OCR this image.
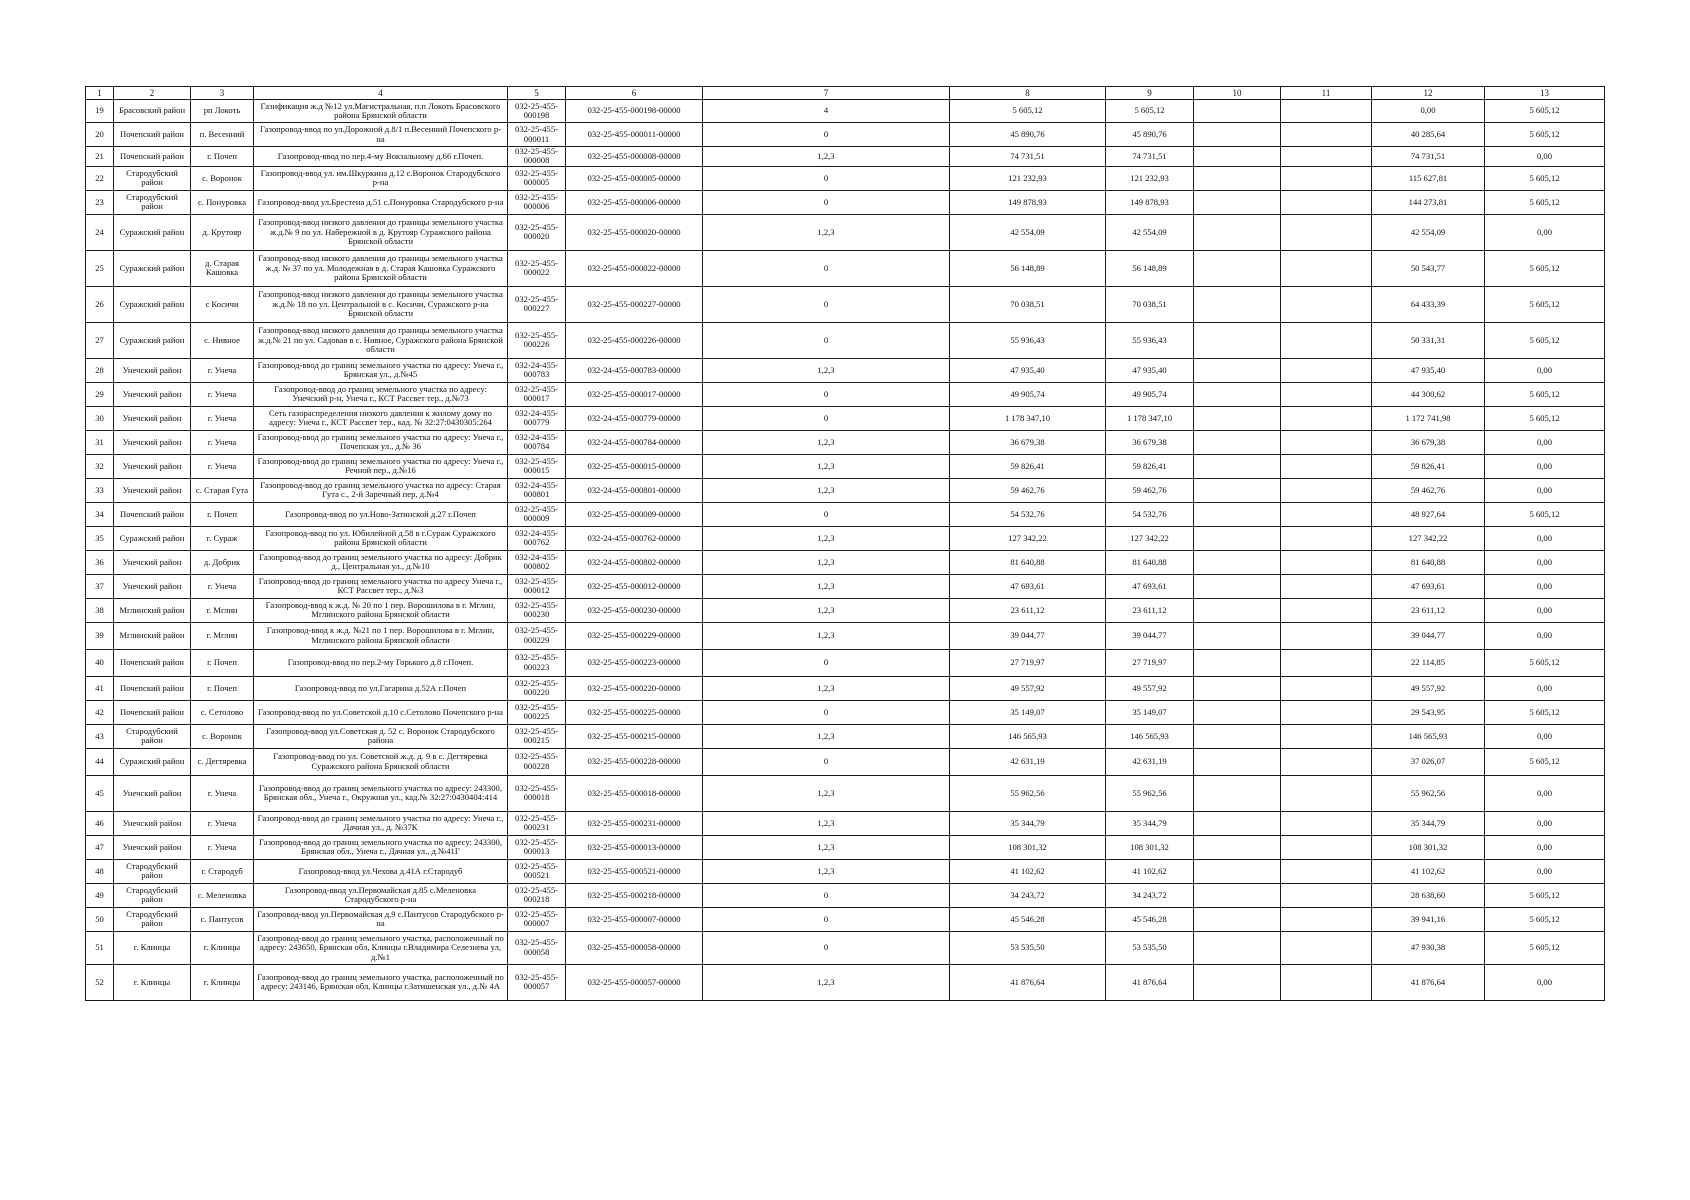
1	2	3	4	5	6	7	8	9	10	11	12	13
19	Брасовский район	рп Локоть	Газификация ж.д №12 ул.Магистральная, п.п Локоть Брасовского района Брянской области	032-25-455-000198	032-25-455-000198-00000	4	5 605,12	5 605,12			0,00	5 605,12
20	Почепский район	п. Весенний	Газопровод-ввод по ул.Дорожной д.8/1 п.Весенний Почепского р-на	032-25-455-000011	032-25-455-000011-00000	0	45 890,76	45 890,76			40 285,64	5 605,12
21	Почепский район	г. Почеп	Газопровод-ввод по пер.4-му Вокзальному д.66 г.Почеп.	032-25-455-000008	032-25-455-000008-00000	1,2,3	74 731,51	74 731,51			74 731,51	0,00
22	Стародубский район	с. Воронок	Газопровод-ввод ул. им.Шкуркина д.12 с.Воронок Стародубского р-на	032-25-455-000005	032-25-455-000005-00000	0	121 232,93	121 232,93			115 627,81	5 605,12
23	Стародубский район	с. Понуровка	Газопровод-ввод ул.Брестена д.51 с.Понуровка Стародубского р-на	032-25-455-000006	032-25-455-000006-00000	0	149 878,93	149 878,93			144 273,81	5 605,12
24	Суражский район	д. Крутояр	Газопровод-ввод низкого давления до границы земельного участка ж.д.№ 9 по ул. Набережной в д. Крутояр Суражского района Брянской области	032-25-455-000020	032-25-455-000020-00000	1,2,3	42 554,09	42 554,09			42 554,09	0,00
25	Суражский район	д. Старая Кашовка	Газопровод-ввод низкого давления до границы земельного участка ж.д. № 37 по ул. Молодежная в д. Старая Кашовка Суражского района Брянской области	032-25-455-000022	032-25-455-000022-00000	0	56 148,89	56 148,89			50 543,77	5 605,12
26	Суражский район	с Косичи	Газопровод-ввод низкого давления до границы земельного участка ж.д.№ 18 по ул. Центральной в с. Косичи, Суражского р-на Брянской области	032-25-455-000227	032-25-455-000227-00000	0	70 038,51	70 038,51			64 433,39	5 605,12
27	Суражский район	с. Нивное	Газопровод-ввод низкого давления до границы земельного участка ж.д.№ 21 по ул. Садовая в с. Нивное, Суражского района Брянской области	032-25-455-000226	032-25-455-000226-00000	0	55 936,43	55 936,43			50 331,31	5 605,12
28	Унечский район	г. Унеча	Газопровод-ввод до границ земельного участка по адресу: Унеча г., Брянская ул., д.№45	032-24-455-000783	032-24-455-000783-00000	1,2,3	47 935,40	47 935,40			47 935,40	0,00
29	Унечский район	г. Унеча	Газопровод-ввод до границ земельного участка по адресу: Унечский р-н, Унеча г., КСТ Рассвет тер., д.№73	032-25-455-000017	032-25-455-000017-00000	0	49 905,74	49 905,74			44 300,62	5 605,12
30	Унечский район	г. Унеча	Сеть газораспределения низкого давления к жилому дому по адресу: Унеча г., КСТ Рассвет тер., кад. № 32:27:0430305:264	032-24-455-000779	032-24-455-000779-00000	0	1 178 347,10	1 178 347,10			1 172 741,98	5 605,12
31	Унечский район	г. Унеча	Газопровод-ввод до границ земельного участка по адресу: Унеча г., Почепская ул., д.№ 36	032-24-455-000784	032-24-455-000784-00000	1,2,3	36 679,38	36 679,38			36 679,38	0,00
32	Унечский район	г. Унеча	Газопровод-ввод до границ земельного участка по адресу: Унеча г., Речной пер., д.№16	032-25-455-000015	032-25-455-000015-00000	1,2,3	59 826,41	59 826,41			59 826,41	0,00
33	Унечский район	с. Старая Гута	Газопровод-ввод до границ земельного участка по адресу: Старая Гута с., 2-й Заречный пер, д.№4	032-24-455-000801	032-24-455-000801-00000	1,2,3	59 462,76	59 462,76			59 462,76	0,00
34	Почепский район	г. Почеп	Газопровод-ввод по ул.Ново-Затинской д.27 г.Почеп	032-25-455-000009	032-25-455-000009-00000	0	54 532,76	54 532,76			48 927,64	5 605,12
35	Суражский район	г. Сураж	Газопровод-ввод по ул. Юбилейной д.58 в г.Сураж Суражского района Брянской области	032-24-455-000762	032-24-455-000762-00000	1,2,3	127 342,22	127 342,22			127 342,22	0,00
36	Унечский район	д. Добрик	Газопровод-ввод до границ земельного участка по адресу: Добрик д., Центральная ул., д.№10	032-24-455-000802	032-24-455-000802-00000	1,2,3	81 640,88	81 640,88			81 640,88	0,00
37	Унечский район	г. Унеча	Газопровод-ввод до границ земельного участка по адресу Унеча г., КСТ Рассвет тер., д.№3	032-25-455-000012	032-25-455-000012-00000	1,2,3	47 693,61	47 693,61			47 693,61	0,00
38	Мглинский район	г. Мглин	Газопровод-ввод к ж.д. № 20 по 1 пер. Ворошилова в г. Мглин, Мглинского района Брянской области	032-25-455-000230	032-25-455-000230-00000	1,2,3	23 611,12	23 611,12			23 611,12	0,00
39	Мглинский район	г. Мглин	Газопровод-ввод к ж.д. №21 по 1 пер. Ворошилова в г. Мглин, Мглинского района Брянской области	032-25-455-000229	032-25-455-000229-00000	1,2,3	39 044,77	39 044,77			39 044,77	0,00
40	Почепский район	г. Почеп	Газопровод-ввод по пер.2-му Горького д.8 г.Почеп.	032-25-455-000223	032-25-455-000223-00000	0	27 719,97	27 719,97			22 114,85	5 605,12
41	Почепский район	г. Почеп	Газопровод-ввод по ул.Гагарина д.52А г.Почеп	032-25-455-000220	032-25-455-000220-00000	1,2,3	49 557,92	49 557,92			49 557,92	0,00
42	Почепский район	с. Сетолово	Газопровод-ввод по ул.Советской д.10 с.Сетолово Почепского р-на	032-25-455-000225	032-25-455-000225-00000	0	35 149,07	35 149,07			29 543,95	5 605,12
43	Стародубский район	с. Воронок	Газопровод-ввод ул.Советская д. 52 с. Воронок Стародубского района	032-25-455-000215	032-25-455-000215-00000	1,2,3	146 565,93	146 565,93			146 565,93	0,00
44	Суражский район	с. Дегтяревка	Газопровод-ввод по ул. Советской ж.д. д. 9 в с. Дегтяревка Суражского района Брянской области	032-25-455-000228	032-25-455-000228-00000	0	42 631,19	42 631,19			37 026,07	5 605,12
45	Унечский район	г. Унеча	Газопровод-ввод до границ земельного участка по адресу: 243300, Брянская обл., Унеча г., Окружная ул., кад.№ 32:27:0430404:414	032-25-455-000018	032-25-455-000018-00000	1,2,3	55 962,56	55 962,56			55 962,56	0,00
46	Унечский район	г. Унеча	Газопровод-ввод до границ земельного участка по адресу: Унеча г., Дачная ул., д. №37К	032-25-455-000231	032-25-455-000231-00000	1,2,3	35 344,79	35 344,79			35 344,79	0,00
47	Унечский район	г. Унеча	Газопровод-ввод до границ земельного участка по адресу: 243300, Брянская обл., Унеча г., Дачная ул., д.№41Г	032-25-455-000013	032-25-455-000013-00000	1,2,3	108 301,32	108 301,32			108 301,32	0,00
48	Стародубский район	г. Стародуб	Газопровод-ввод ул.Чехова д.41А г.Стародуб	032-25-455-000521	032-25-455-000521-00000	1,2,3	41 102,62	41 102,62			41 102,62	0,00
49	Стародубский район	с. Меленовка	Газопровод-ввод ул.Первомайская д.85 с.Меленовка Стародубского р-на	032-25-455-000218	032-25-455-000218-00000	0	34 243,72	34 243,72			28 638,60	5 605,12
50	Стародубский район	с. Пантусов	Газопровод-ввод ул.Первомайская д.9 с.Пантусов Стародубского р-на	032-25-455-000007	032-25-455-000007-00000	0	45 546,28	45 546,28			39 941,16	5 605,12
51	г. Клинцы	г. Клинцы	Газопровод-ввод до границ земельного участка, расположенный по адресу: 243650, Брянская обл, Клинцы г.Владимира Селезнева ул, д.№1	032-25-455-000058	032-25-455-000058-00000	0	53 535,50	53 535,50			47 930,38	5 605,12
52	г. Клинцы	г. Клинцы	Газопровод-ввод до границ земельного участка, расположенный по адресу: 243146, Брянская обл, Клинцы г.Затишенская ул., д.№ 4А	032-25-455-000057	032-25-455-000057-00000	1,2,3	41 876,64	41 876,64			41 876,64	0,00
